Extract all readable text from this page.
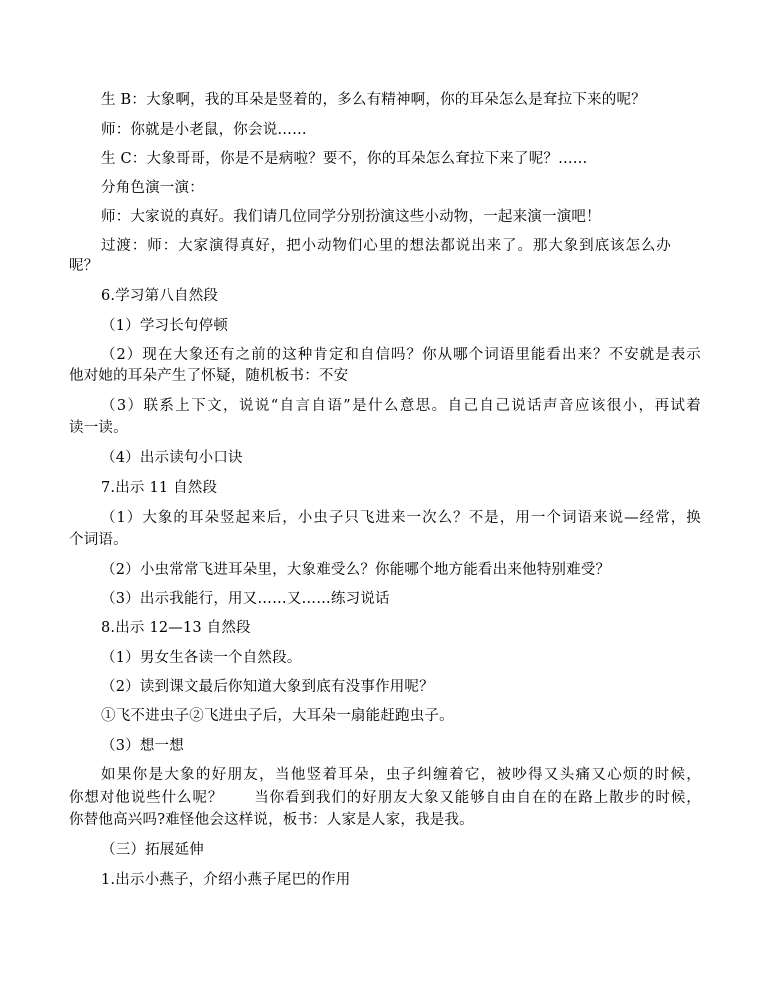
生 B：大象啊，我的耳朵是竖着的，多么有精神啊，你的耳朵怎么是耷拉下来的呢？
师：你就是小老鼠，你会说……
生 C：大象哥哥，你是不是病啦？要不，你的耳朵怎么耷拉下来了呢？……
分角色演一演：
师：大家说的真好。我们请几位同学分别扮演这些小动物，一起来演一演吧！
过渡：师：大家演得真好，把小动物们心里的想法都说出来了。那大象到底该怎么办
呢？
6.学习第八自然段
（1）学习长句停顿
（2）现在大象还有之前的这种肯定和自信吗？你从哪个词语里能看出来？不安就是表示
他对她的耳朵产生了怀疑，随机板书：不安
（3）联系上下文，说说“自言自语”是什么意思。自己自己说话声音应该很小，再试着
读一读。
（4）出示读句小口诀
7.出示 11 自然段
（1）大象的耳朵竖起来后，小虫子只飞进来一次么？不是，用一个词语来说—经常，换
个词语。
（2）小虫常常飞进耳朵里，大象难受么？你能哪个地方能看出来他特别难受？
（3）出示我能行，用又……又……练习说话
8.出示 12—13 自然段
（1）男女生各读一个自然段。
（2）读到课文最后你知道大象到底有没事作用呢？
①飞不进虫子②飞进虫子后，大耳朵一扇能赶跑虫子。
（3）想一想
如果你是大象的好朋友，当他竖着耳朵，虫子纠缠着它，被吵得又头痛又心烦的时候，
你想对他说些什么呢？　　当你看到我们的好朋友大象又能够自由自在的在路上散步的时候，
你替他高兴吗?难怪他会这样说，板书：人家是人家，我是我。
（三）拓展延伸
1.出示小燕子，介绍小燕子尾巴的作用
